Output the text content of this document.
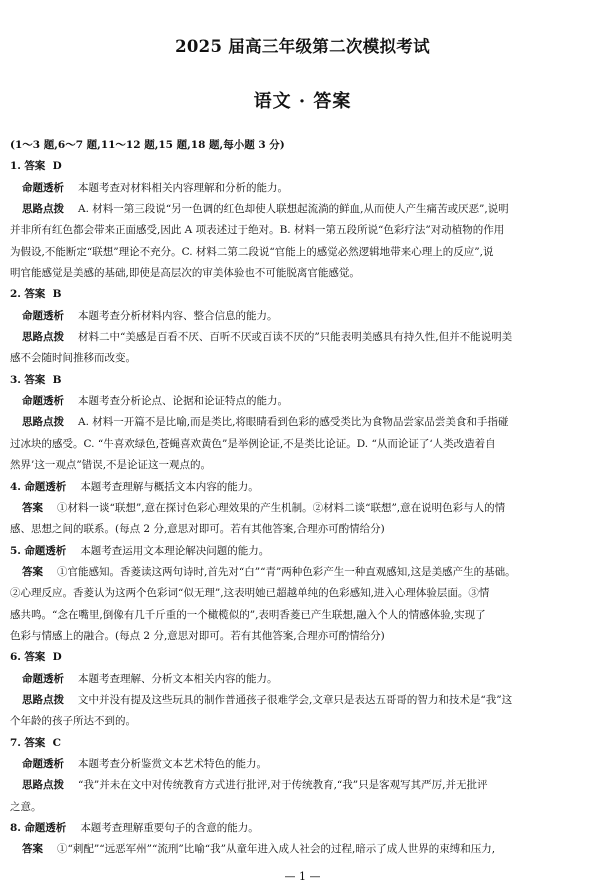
2025 届高三年级第二次模拟考试
语文 · 答案
(1～3 题,6～7 题,11～12 题,15 题,18 题,每小题 3 分)
1. 答案 D
命题透析 本题考查对材料相关内容理解和分析的能力。
思路点拨 A. 材料一第三段说“另一色调的红色却使人联想起流淌的鲜血,从而使人产生痛苦或厌恶”,说明
并非所有红色都会带来正面感受,因此 A 项表述过于绝对。B. 材料一第五段所说“色彩疗法”对动植物的作用
为假设,不能断定“联想”理论不充分。C. 材料二第二段说“官能上的感觉必然逻辑地带来心理上的反应”,说
明官能感觉是美感的基础,即使是高层次的审美体验也不可能脱离官能感觉。
2. 答案 B
命题透析 本题考查分析材料内容、整合信息的能力。
思路点拨 材料二中“美感是百看不厌、百听不厌或百读不厌的”只能表明美感具有持久性,但并不能说明美
感不会随时间推移而改变。
3. 答案 B
命题透析 本题考查分析论点、论据和论证特点的能力。
思路点拨 A. 材料一开篇不是比喻,而是类比,将眼睛看到色彩的感受类比为食物品尝家品尝美食和手指碰
过冰块的感受。C. “牛喜欢绿色,苍蝇喜欢黄色”是举例论证,不是类比论证。D. “从而论证了‘人类改造着自
然界’这一观点”错误,不是论证这一观点的。
4. 命题透析 本题考查理解与概括文本内容的能力。
答案 ①材料一谈“联想”,意在探讨色彩心理效果的产生机制。②材料二谈“联想”,意在说明色彩与人的情
感、思想之间的联系。(每点 2 分,意思对即可。若有其他答案,合理亦可酌情给分)
5. 命题透析 本题考查运用文本理论解决问题的能力。
答案 ①官能感知。香菱读这两句诗时,首先对“白”“青”两种色彩产生一种直观感知,这是美感产生的基础。
②心理反应。香菱认为这两个色彩词“似无理”,这表明她已超越单纯的色彩感知,进入心理体验层面。③情
感共鸣。“念在嘴里,倒像有几千斤重的一个橄榄似的”,表明香菱已产生联想,融入个人的情感体验,实现了
色彩与情感上的融合。(每点 2 分,意思对即可。若有其他答案,合理亦可酌情给分)
6. 答案 D
命题透析 本题考查理解、分析文本相关内容的能力。
思路点拨 文中并没有提及这些玩具的制作普通孩子很难学会,文章只是表达五哥哥的智力和技术是“我”这
个年龄的孩子所达不到的。
7. 答案 C
命题透析 本题考查分析鉴赏文本艺术特色的能力。
思路点拨 “我”并未在文中对传统教育方式进行批评,对于传统教育,“我”只是客观写其严厉,并无批评
之意。
8. 命题透析 本题考查理解重要句子的含意的能力。
答案 ①“刺配”“远恶军州”“流刑”比喻“我”从童年进入成人社会的过程,暗示了成人世界的束缚和压力,
— 1 —
